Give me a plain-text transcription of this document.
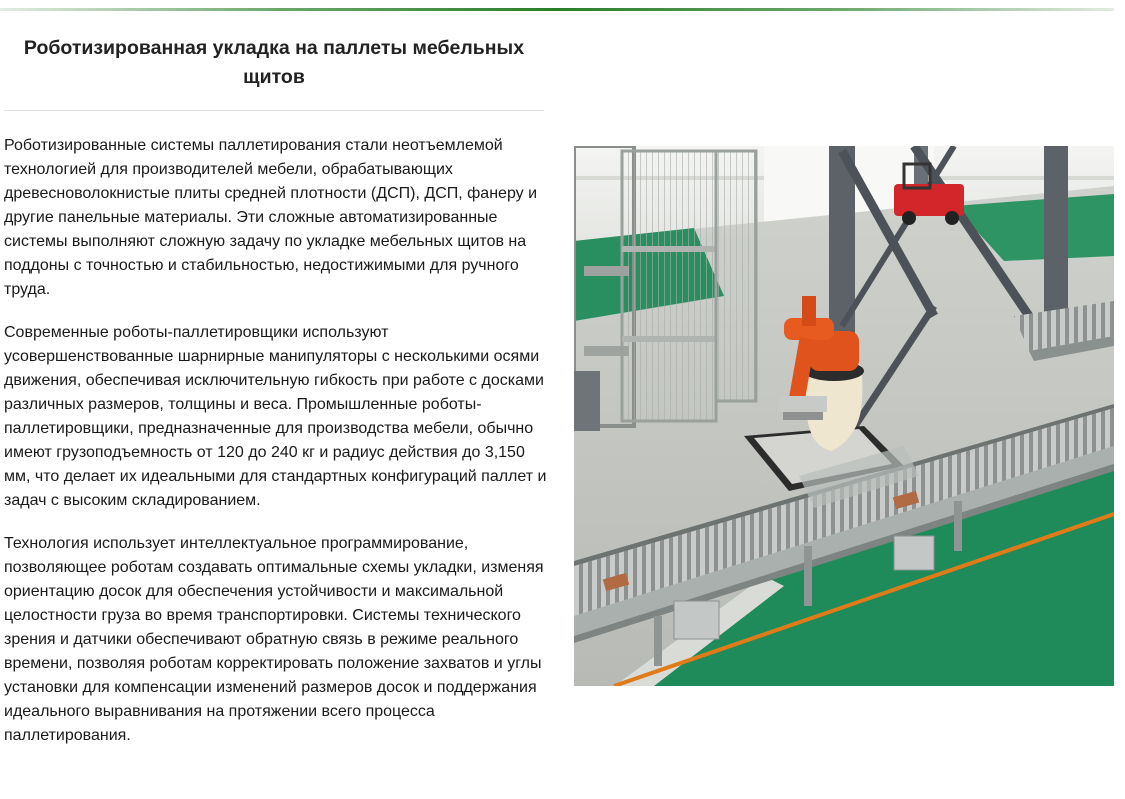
Роботизированная укладка на паллеты мебельных щитов

Роботизированные системы паллетирования стали неотъемлемой технологией для производителей мебели, обрабатывающих древесноволокнистые плиты средней плотности (ДСП), ДСП, фанеру и другие панельные материалы. Эти сложные автоматизированные системы выполняют сложную задачу по укладке мебельных щитов на поддоны с точностью и стабильностью, недостижимыми для ручного труда.

Современные роботы-паллетировщики используют усовершенствованные шарнирные манипуляторы с несколькими осями движения, обеспечивая исключительную гибкость при работе с досками различных размеров, толщины и веса. Промышленные роботы-паллетировщики, предназначенные для производства мебели, обычно имеют грузоподъемность от 120 до 240 кг и радиус действия до 3,150 мм, что делает их идеальными для стандартных конфигураций паллет и задач с высоким складированием.

Технология использует интеллектуальное программирование, позволяющее роботам создавать оптимальные схемы укладки, изменяя ориентацию досок для обеспечения устойчивости и максимальной целостности груза во время транспортировки. Системы технического зрения и датчики обеспечивают обратную связь в режиме реального времени, позволяя роботам корректировать положение захватов и углы установки для компенсации изменений размеров досок и поддержания идеального выравнивания на протяжении всего процесса паллетирования.
